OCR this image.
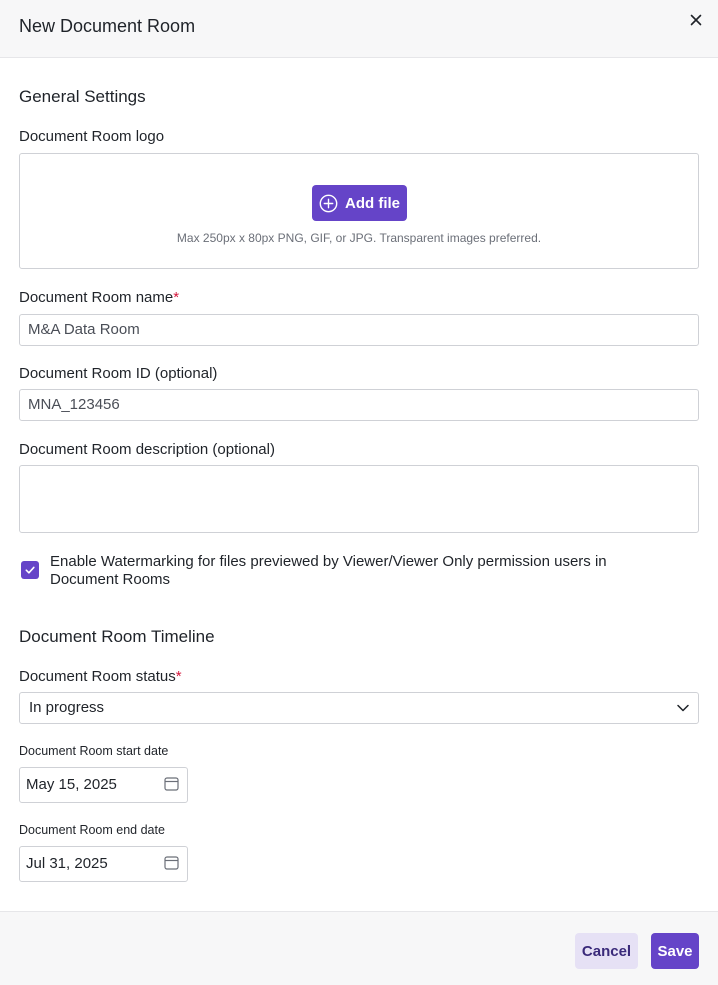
New Document Room
General Settings
Document Room logo
Add file
Max 250px x 80px PNG, GIF, or JPG. Transparent images preferred.
Document Room name*
M&A Data Room
Document Room ID (optional)
MNA_123456
Document Room description (optional)
Enable Watermarking for files previewed by Viewer/Viewer Only permission users in Document Rooms
Document Room Timeline
Document Room status*
In progress
Document Room start date
May 15, 2025
Document Room end date
Jul 31, 2025
Cancel	Save
